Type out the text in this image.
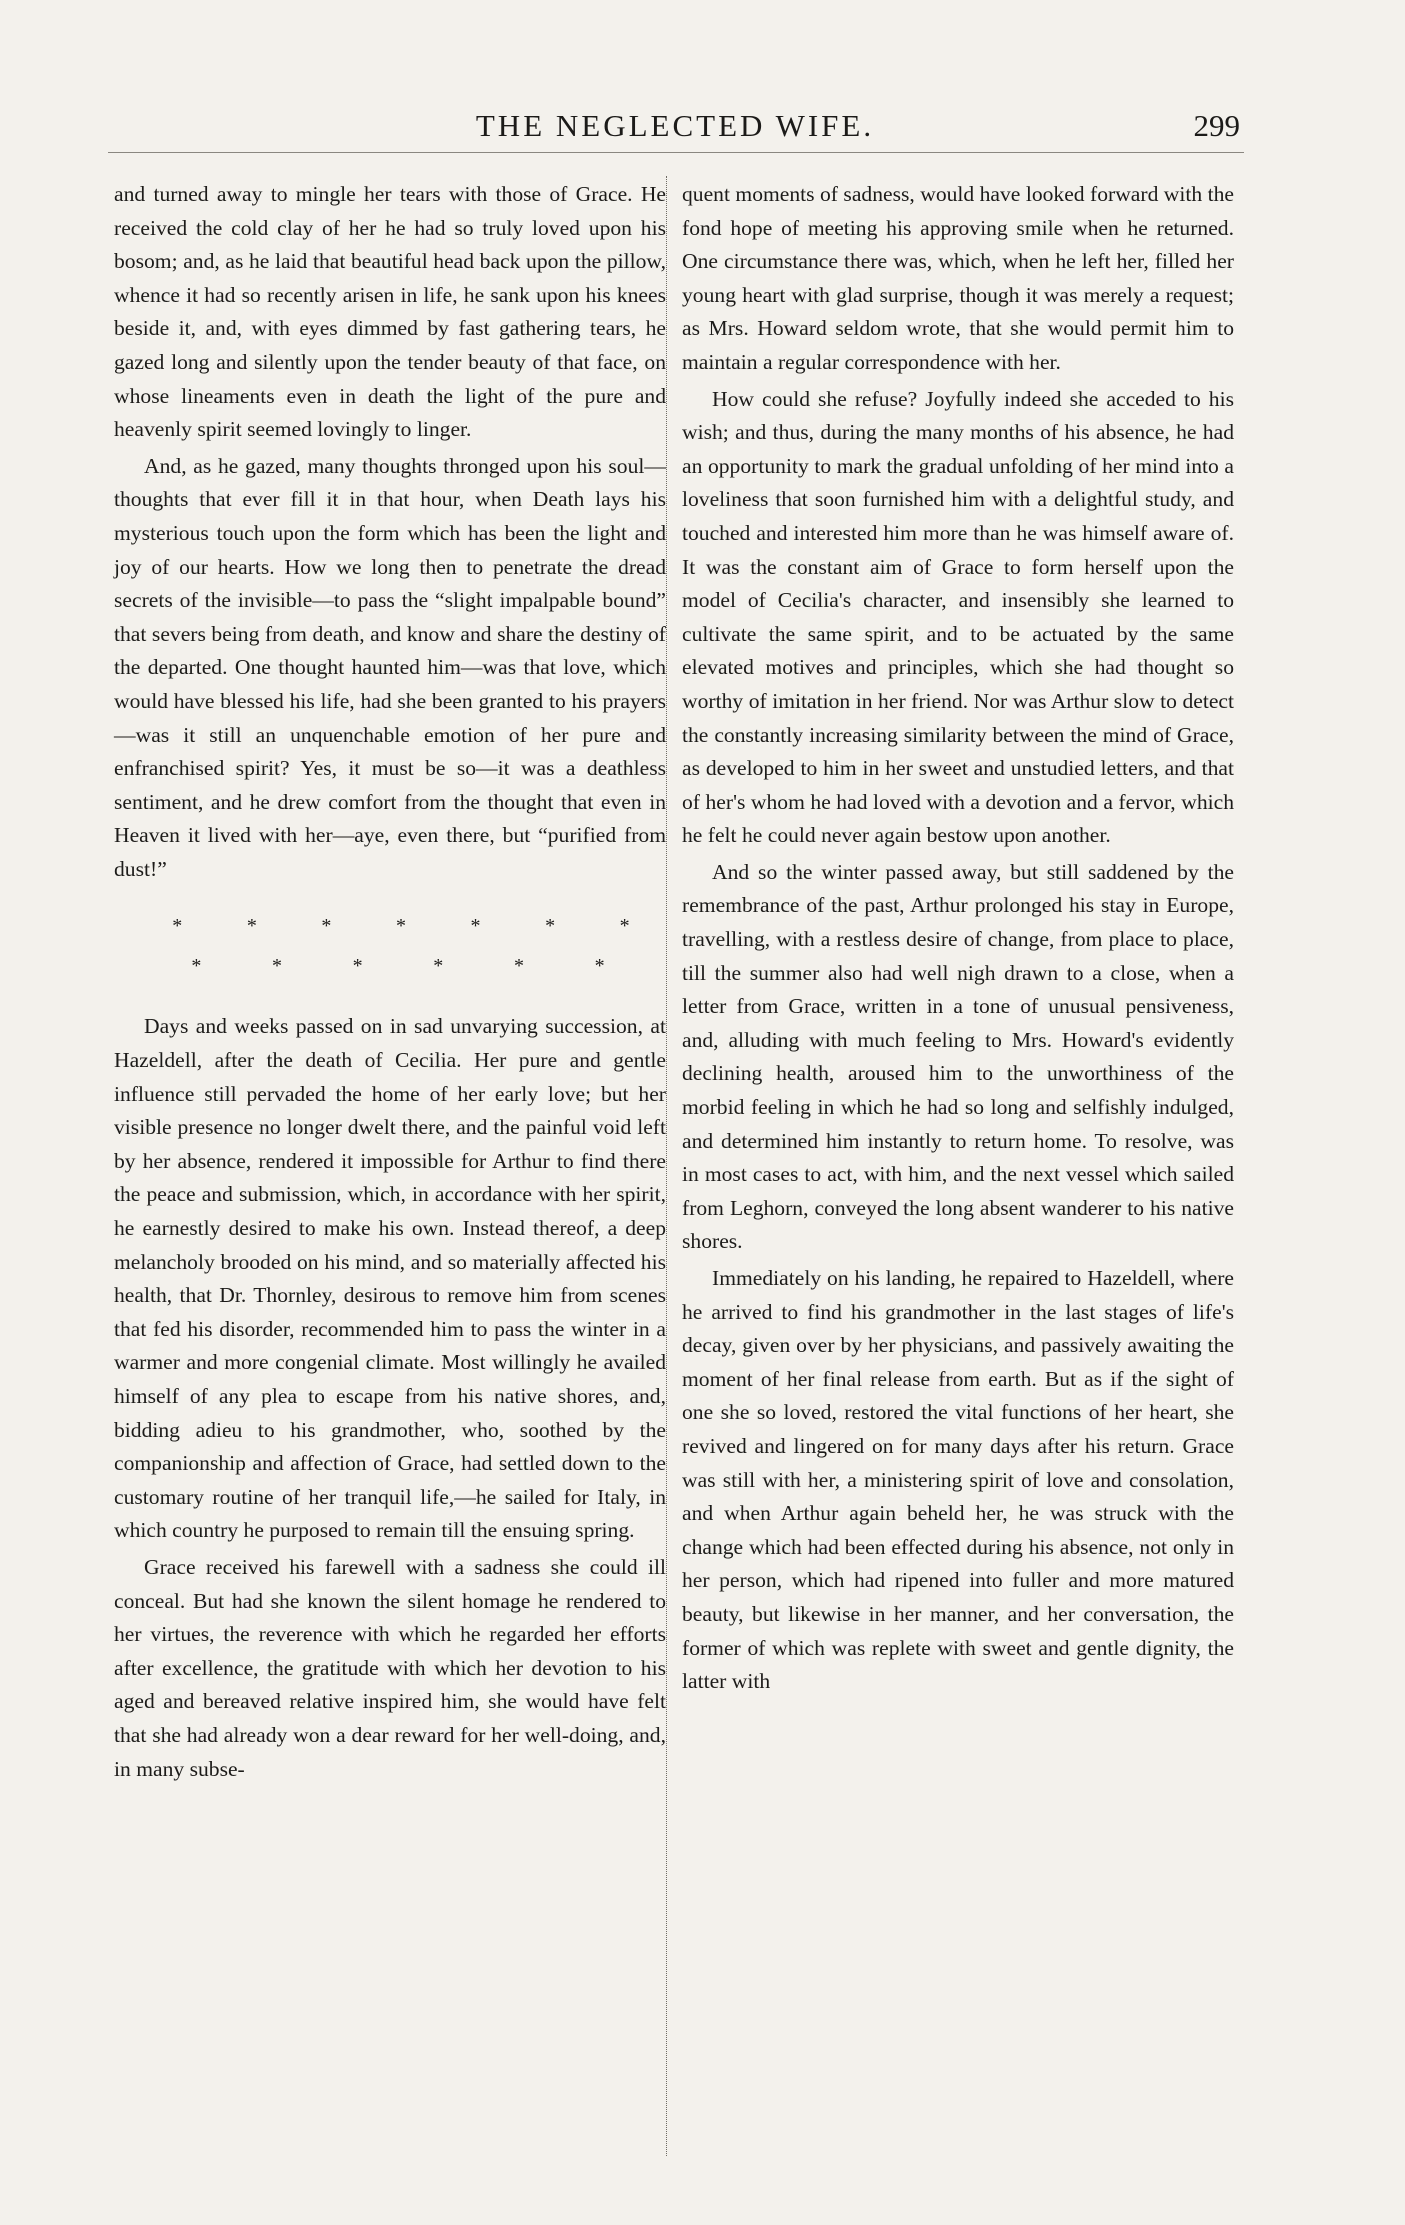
THE NEGLECTED WIFE.	299

and turned away to mingle her tears with those of Grace. He received the cold clay of her he had so truly loved upon his bosom; and, as he laid that beautiful head back upon the pillow, whence it had so recently arisen in life, he sank upon his knees beside it, and, with eyes dimmed by fast gathering tears, he gazed long and silently upon the tender beauty of that face, on whose lineaments even in death the light of the pure and heavenly spirit seemed lovingly to linger.

And, as he gazed, many thoughts thronged upon his soul—thoughts that ever fill it in that hour, when Death lays his mysterious touch upon the form which has been the light and joy of our hearts. How we long then to penetrate the dread secrets of the invisible—to pass the “slight impalpable bound” that severs being from death, and know and share the destiny of the departed. One thought haunted him—was that love, which would have blessed his life, had she been granted to his prayers—was it still an unquenchable emotion of her pure and enfranchised spirit? Yes, it must be so—it was a deathless sentiment, and he drew comfort from the thought that even in Heaven it lived with her—aye, even there, but “purified from dust!”

*	*	*	*	*	*	*
*	*	*	*	*	*

Days and weeks passed on in sad unvarying succession, at Hazeldell, after the death of Cecilia. Her pure and gentle influence still pervaded the home of her early love; but her visible presence no longer dwelt there, and the painful void left by her absence, rendered it impossible for Arthur to find there the peace and submission, which, in accordance with her spirit, he earnestly desired to make his own. Instead thereof, a deep melancholy brooded on his mind, and so materially affected his health, that Dr. Thornley, desirous to remove him from scenes that fed his disorder, recommended him to pass the winter in a warmer and more congenial climate. Most willingly he availed himself of any plea to escape from his native shores, and, bidding adieu to his grandmother, who, soothed by the companionship and affection of Grace, had settled down to the customary routine of her tranquil life,—he sailed for Italy, in which country he purposed to remain till the ensuing spring.

Grace received his farewell with a sadness she could ill conceal. But had she known the silent homage he rendered to her virtues, the reverence with which he regarded her efforts after excellence, the gratitude with which her devotion to his aged and bereaved relative inspired him, she would have felt that she had already won a dear reward for her well-doing, and, in many subse-

quent moments of sadness, would have looked forward with the fond hope of meeting his approving smile when he returned. One circumstance there was, which, when he left her, filled her young heart with glad surprise, though it was merely a request; as Mrs. Howard seldom wrote, that she would permit him to maintain a regular correspondence with her.

How could she refuse? Joyfully indeed she acceded to his wish; and thus, during the many months of his absence, he had an opportunity to mark the gradual unfolding of her mind into a loveliness that soon furnished him with a delightful study, and touched and interested him more than he was himself aware of. It was the constant aim of Grace to form herself upon the model of Cecilia's character, and insensibly she learned to cultivate the same spirit, and to be actuated by the same elevated motives and principles, which she had thought so worthy of imitation in her friend. Nor was Arthur slow to detect the constantly increasing similarity between the mind of Grace, as developed to him in her sweet and unstudied letters, and that of her's whom he had loved with a devotion and a fervor, which he felt he could never again bestow upon another.

And so the winter passed away, but still saddened by the remembrance of the past, Arthur prolonged his stay in Europe, travelling, with a restless desire of change, from place to place, till the summer also had well nigh drawn to a close, when a letter from Grace, written in a tone of unusual pensiveness, and, alluding with much feeling to Mrs. Howard's evidently declining health, aroused him to the unworthiness of the morbid feeling in which he had so long and selfishly indulged, and determined him instantly to return home. To resolve, was in most cases to act, with him, and the next vessel which sailed from Leghorn, conveyed the long absent wanderer to his native shores.

Immediately on his landing, he repaired to Hazeldell, where he arrived to find his grandmother in the last stages of life's decay, given over by her physicians, and passively awaiting the moment of her final release from earth. But as if the sight of one she so loved, restored the vital functions of her heart, she revived and lingered on for many days after his return. Grace was still with her, a ministering spirit of love and consolation, and when Arthur again beheld her, he was struck with the change which had been effected during his absence, not only in her person, which had ripened into fuller and more matured beauty, but likewise in her manner, and her conversation, the former of which was replete with sweet and gentle dignity, the latter with
